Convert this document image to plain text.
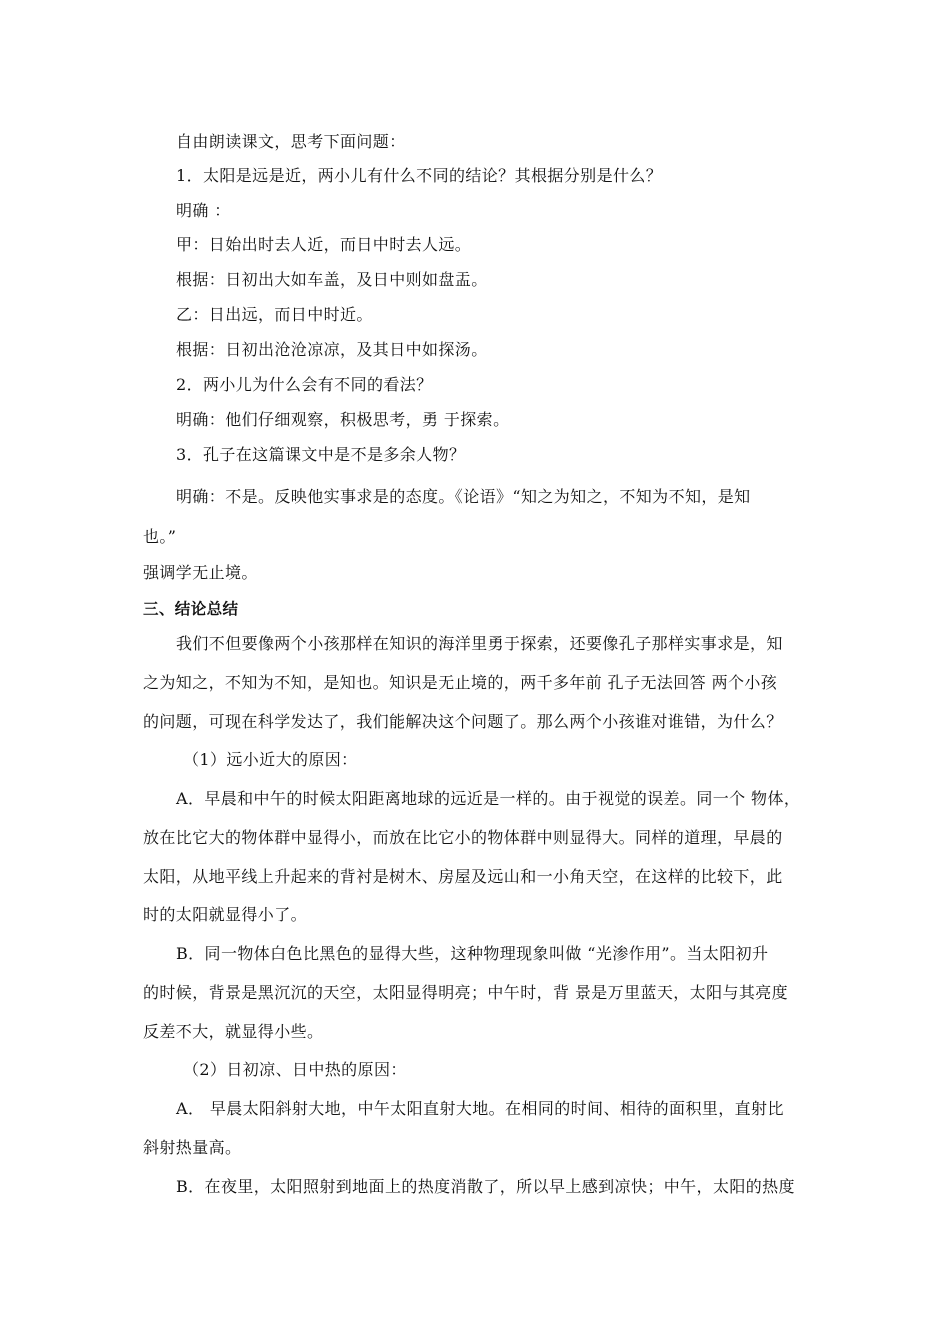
自由朗读课文，思考下面问题：
1．太阳是远是近，两小儿有什么不同的结论？其根据分别是什么？
明确 ：
甲：日始出时去人近，而日中时去人远。
根据：日初出大如车盖，及日中则如盘盂。
乙：日出远，而日中时近。
根据：日初出沧沧凉凉，及其日中如探汤。
2．两小儿为什么会有不同的看法？
明确：他们仔细观察，积极思考，勇 于探索。
3．孔子在这篇课文中是不是多余人物？
明确：不是。反映他实事求是的态度。《论语》“知之为知之，不知为不知，是知
也。”
强调学无止境。
三、结论总结
我们不但要像两个小孩那样在知识的海洋里勇于探索，还要像孔子那样实事求是，知
之为知之，不知为不知，是知也。知识是无止境的，两千多年前 孔子无法回答 两个小孩
的问题，可现在科学发达了，我们能解决这个问题了。那么两个小孩谁对谁错，为什么？
（1）远小近大的原因：
A．早晨和中午的时候太阳距离地球的远近是一样的。由于视觉的误差。同一个 物体，
放在比它大的物体群中显得小，而放在比它小的物体群中则显得大。同样的道理，早晨的
太阳，从地平线上升起来的背衬是树木、房屋及远山和一小角天空，在这样的比较下，此
时的太阳就显得小了。
B．同一物体白色比黑色的显得大些，这种物理现象叫做 “光渗作用”。当太阳初升
的时候，背景是黑沉沉的天空，太阳显得明亮；中午时，背 景是万里蓝天，太阳与其亮度
反差不大，就显得小些。
（2）日初凉、日中热的原因：
A． 早晨太阳斜射大地，中午太阳直射大地。在相同的时间、相待的面积里，直射比
斜射热量高。
B．在夜里，太阳照射到地面上的热度消散了，所以早上感到凉快；中午，太阳的热度
